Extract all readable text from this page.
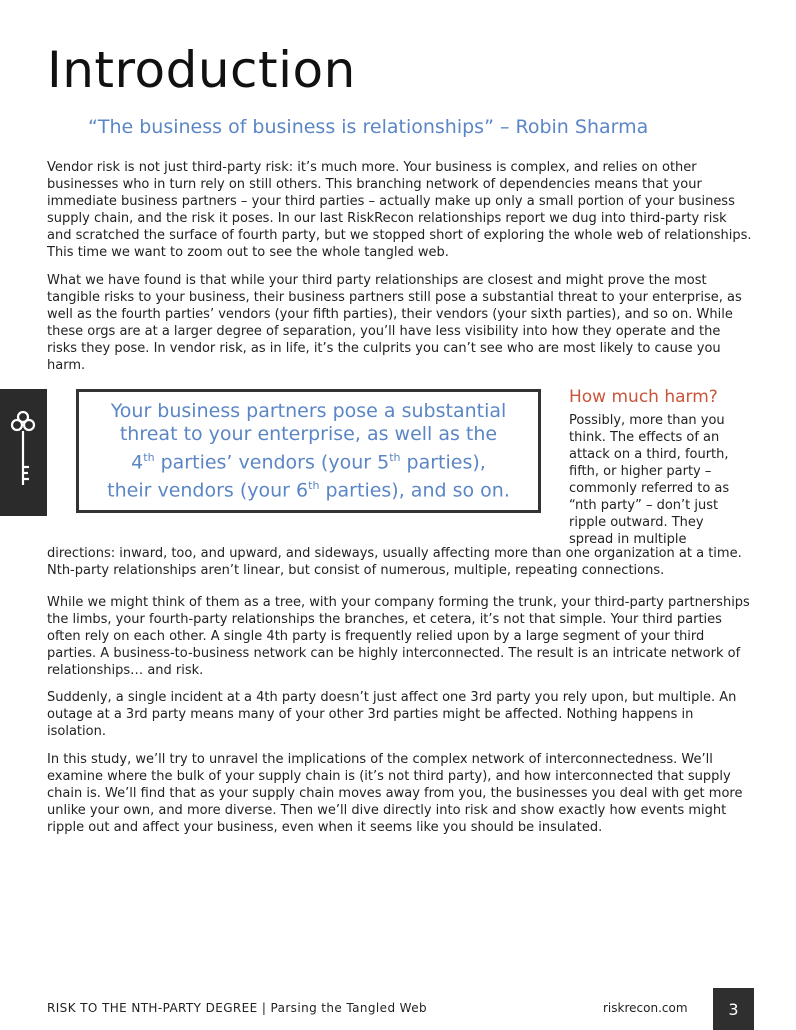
Introduction
“The business of business is relationships” – Robin Sharma

Vendor risk is not just third-party risk: it’s much more. Your business is complex, and relies on other businesses who in turn rely on still others. This branching network of dependencies means that your immediate business partners – your third parties – actually make up only a small portion of your business supply chain, and the risk it poses. In our last RiskRecon relationships report we dug into third-party risk and scratched the surface of fourth party, but we stopped short of exploring the whole web of relationships. This time we want to zoom out to see the whole tangled web.

What we have found is that while your third party relationships are closest and might prove the most tangible risks to your business, their business partners still pose a substantial threat to your enterprise, as well as the fourth parties’ vendors (your fifth parties), their vendors (your sixth parties), and so on. While these orgs are at a larger degree of separation, you’ll have less visibility into how they operate and the risks they pose. In vendor risk, as in life, it’s the culprits you can’t see who are most likely to cause you harm.

Your business partners pose a substantial threat to your enterprise, as well as the
4th parties’ vendors (your 5th parties),
their vendors (your 6th parties), and so on.
How much harm?

Possibly, more than you think. The effects of an attack on a third, fourth, fifth, or higher party – commonly referred to as “nth party” – don’t just ripple outward. They spread in multiple

directions: inward, too, and upward, and sideways, usually affecting more than one organization at a time. Nth-party relationships aren’t linear, but consist of numerous, multiple, repeating connections.

While we might think of them as a tree, with your company forming the trunk, your third-party partnerships the limbs, your fourth-party relationships the branches, et cetera, it’s not that simple. Your third parties often rely on each other. A single 4th party is frequently relied upon by a large segment of your third parties. A business-to-business network can be highly interconnected. The result is an intricate network of relationships… and risk.

Suddenly, a single incident at a 4th party doesn’t just affect one 3rd party you rely upon, but multiple. An outage at a 3rd party means many of your other 3rd parties might be affected. Nothing happens in isolation.

In this study, we’ll try to unravel the implications of the complex network of interconnectedness. We’ll examine where the bulk of your supply chain is (it’s not third party), and how interconnected that supply chain is. We’ll find that as your supply chain moves away from you, the businesses you deal with get more unlike your own, and more diverse. Then we’ll dive directly into risk and show exactly how events might ripple out and affect your business, even when it seems like you should be insulated.

RISK TO THE NTH-PARTY DEGREE | Parsing the Tangled Web	riskrecon.com	3
